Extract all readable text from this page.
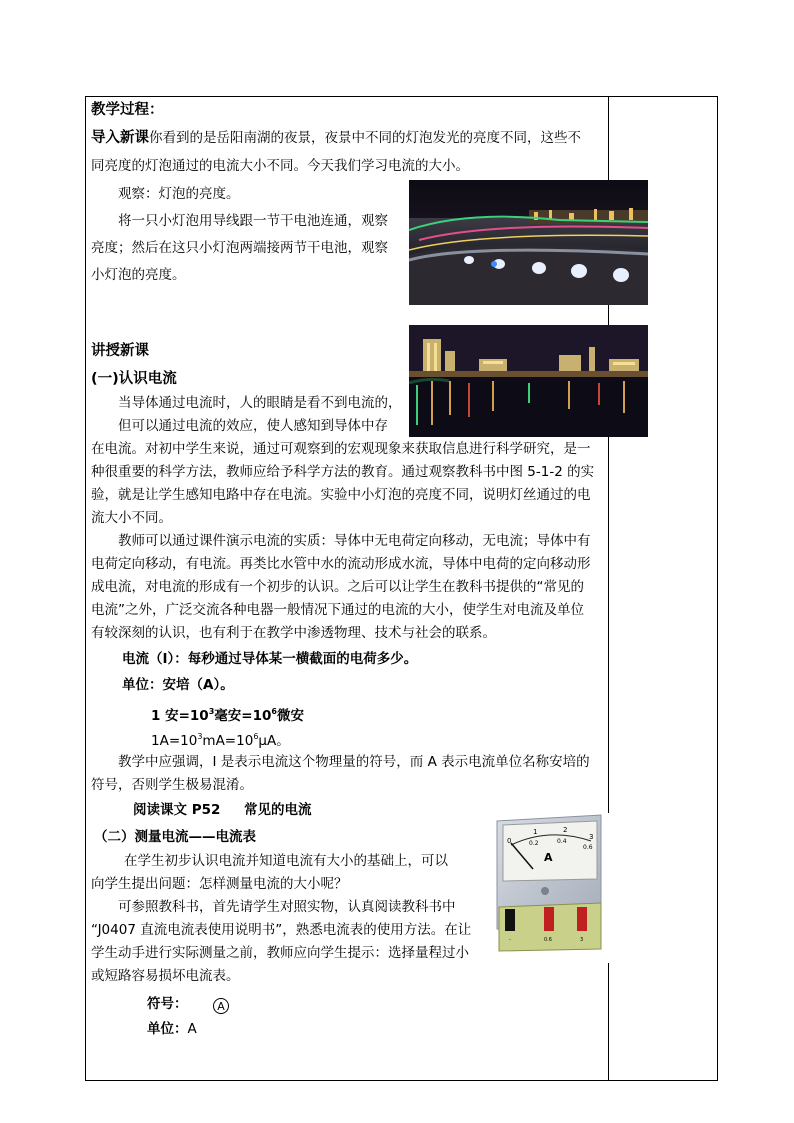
教学过程：
导入新课你看到的是岳阳南湖的夜景，夜景中不同的灯泡发光的亮度不同，这些不
同亮度的灯泡通过的电流大小不同。今天我们学习电流的大小。
观察：灯泡的亮度。
将一只小灯泡用导线跟一节干电池连通，观察
亮度；然后在这只小灯泡两端接两节干电池，观察
小灯泡的亮度。
讲授新课
(一)认识电流
当导体通过电流时，人的眼睛是看不到电流的，
但可以通过电流的效应，使人感知到导体中存
在电流。对初中学生来说，通过可观察到的宏观现象来获取信息进行科学研究，是一
种很重要的科学方法，教师应给予科学方法的教育。通过观察教科书中图 5-1-2 的实
验，就是让学生感知电路中存在电流。实验中小灯泡的亮度不同，说明灯丝通过的电
流大小不同。
教师可以通过课件演示电流的实质：导体中无电荷定向移动，无电流；导体中有
电荷定向移动，有电流。再类比水管中水的流动形成水流，导体中电荷的定向移动形
成电流，对电流的形成有一个初步的认识。之后可以让学生在教科书提供的“常见的
电流”之外，广泛交流各种电器一般情况下通过的电流的大小，使学生对电流及单位
有较深刻的认识，也有利于在教学中渗透物理、技术与社会的联系。
电流（I）：每秒通过导体某一横截面的电荷多少。
单位：安培（A）。
1 安$=10^3$毫安$=10^6$微安
$1A=10^3mA=10^6\mu A$。
教学中应强调，I 是表示电流这个物理量的符号，而 A 表示电流单位名称安培的
符号，否则学生极易混淆。
阅读课文 P52 常见的电流
（二）测量电流——电流表
在学生初步认识电流并知道电流有大小的基础上，可以
向学生提出问题：怎样测量电流的大小呢？
可参照教科书，首先请学生对照实物，认真阅读教科书中
“J0407 直流电流表使用说明书”，熟悉电流表的使用方法。在让
学生动手进行实际测量之前，教师应向学生提示：选择量程过小
或短路容易损坏电流表。
0
1	2
3
0.2	0.4
0.6
A
-	0.6	3
符号：	A
单位：A
